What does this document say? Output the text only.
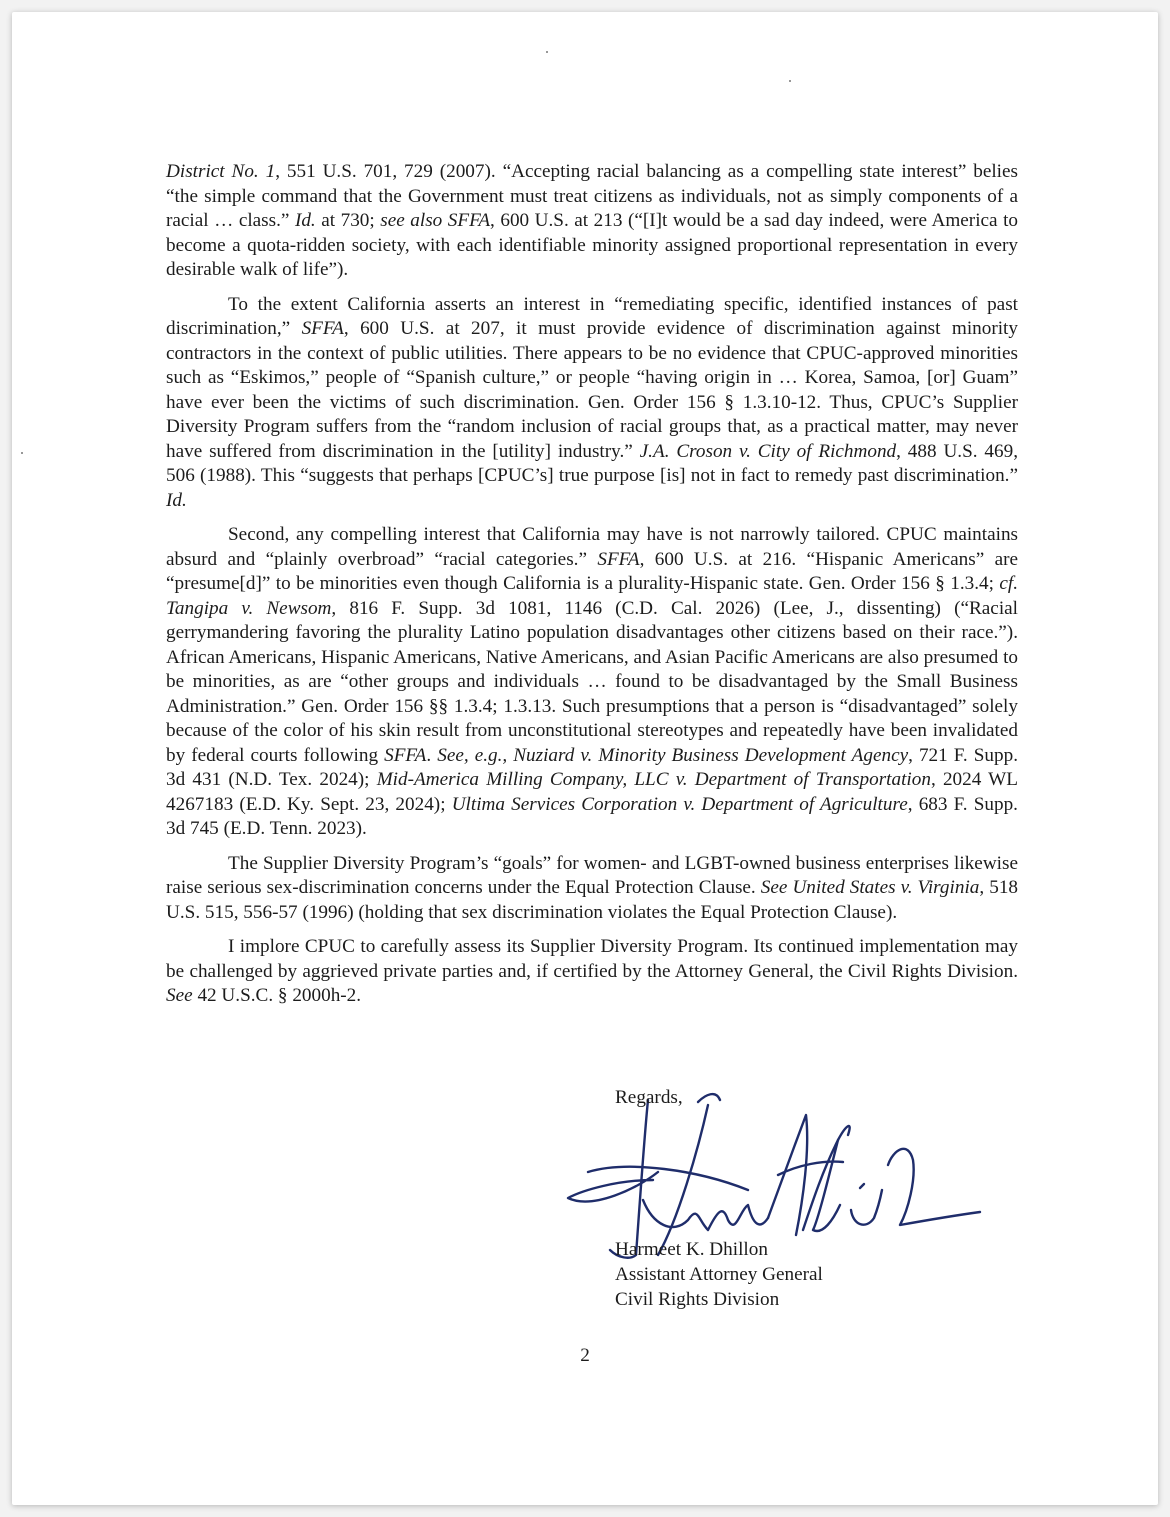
District No. 1, 551 U.S. 701, 729 (2007). “Accepting racial balancing as a compelling state interest” belies “the simple command that the Government must treat citizens as individuals, not as simply components of a racial … class.” Id. at 730; see also SFFA, 600 U.S. at 213 (“[I]t would be a sad day indeed, were America to become a quota-ridden society, with each identifiable minority assigned proportional representation in every desirable walk of life”).

To the extent California asserts an interest in “remediating specific, identified instances of past discrimination,” SFFA, 600 U.S. at 207, it must provide evidence of discrimination against minority contractors in the context of public utilities. There appears to be no evidence that CPUC-approved minorities such as “Eskimos,” people of “Spanish culture,” or people “having origin in … Korea, Samoa, [or] Guam” have ever been the victims of such discrimination. Gen. Order 156 § 1.3.10-12. Thus, CPUC’s Supplier Diversity Program suffers from the “random inclusion of racial groups that, as a practical matter, may never have suffered from discrimination in the [utility] industry.” J.A. Croson v. City of Richmond, 488 U.S. 469, 506 (1988). This “suggests that perhaps [CPUC’s] true purpose [is] not in fact to remedy past discrimination.” Id.

Second, any compelling interest that California may have is not narrowly tailored. CPUC maintains absurd and “plainly overbroad” “racial categories.” SFFA, 600 U.S. at 216. “Hispanic Americans” are “presume[d]” to be minorities even though California is a plurality-Hispanic state. Gen. Order 156 § 1.3.4; cf. Tangipa v. Newsom, 816 F. Supp. 3d 1081, 1146 (C.D. Cal. 2026) (Lee, J., dissenting) (“Racial gerrymandering favoring the plurality Latino population disadvantages other citizens based on their race.”). African Americans, Hispanic Americans, Native Americans, and Asian Pacific Americans are also presumed to be minorities, as are “other groups and individuals … found to be disadvantaged by the Small Business Administration.” Gen. Order 156 §§ 1.3.4; 1.3.13. Such presumptions that a person is “disadvantaged” solely because of the color of his skin result from unconstitutional stereotypes and repeatedly have been invalidated by federal courts following SFFA. See, e.g., Nuziard v. Minority Business Development Agency, 721 F. Supp. 3d 431 (N.D. Tex. 2024); Mid-America Milling Company, LLC v. Department of Transportation, 2024 WL 4267183 (E.D. Ky. Sept. 23, 2024); Ultima Services Corporation v. Department of Agriculture, 683 F. Supp. 3d 745 (E.D. Tenn. 2023).

The Supplier Diversity Program’s “goals” for women- and LGBT-owned business enterprises likewise raise serious sex-discrimination concerns under the Equal Protection Clause. See United States v. Virginia, 518 U.S. 515, 556-57 (1996) (holding that sex discrimination violates the Equal Protection Clause).

I implore CPUC to carefully assess its Supplier Diversity Program. Its continued implementation may be challenged by aggrieved private parties and, if certified by the Attorney General, the Civil Rights Division. See 42 U.S.C. § 2000h-2.

Regards,
Harmeet K. Dhillon
Assistant Attorney General
Civil Rights Division
2
